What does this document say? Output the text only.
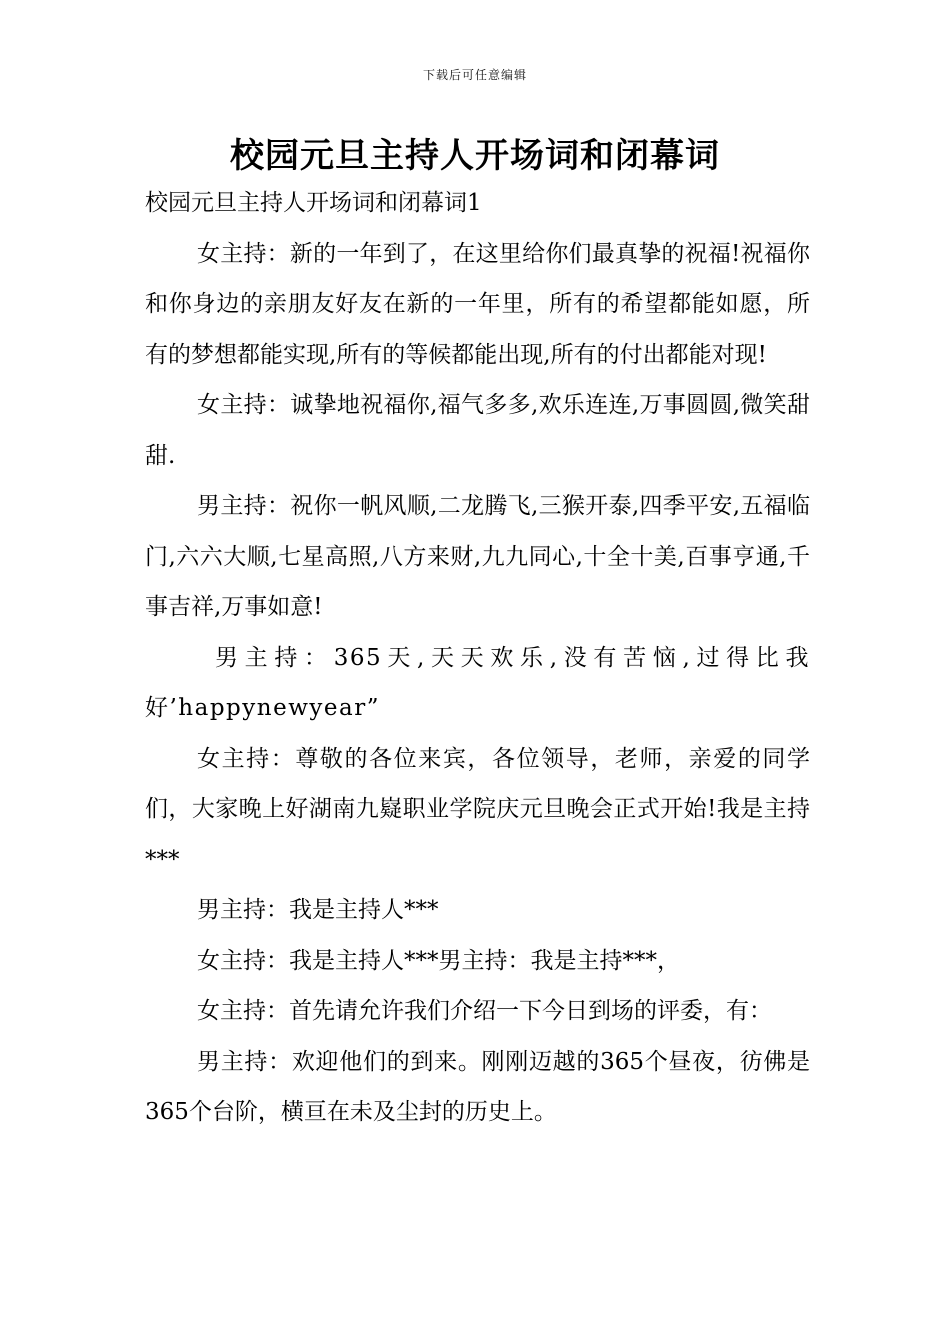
下载后可任意编辑
校园元旦主持人开场词和闭幕词

校园元旦主持人开场词和闭幕词1

女主持：新的一年到了，在这里给你们最真挚的祝福!祝福你和你身边的亲朋友好友在新的一年里，所有的希望都能如愿，所有的梦想都能实现,所有的等候都能出现,所有的付出都能对现!

女主持：诚挚地祝福你,福气多多,欢乐连连,万事圆圆,微笑甜甜.

男主持：祝你一帆风顺,二龙腾飞,三猴开泰,四季平安,五福临门,六六大顺,七星高照,八方来财,九九同心,十全十美,百事亨通,千事吉祥,万事如意!

男主持：365天,天天欢乐,没有苦恼,过得比我好’happynewyear”

女主持：尊敬的各位来宾，各位领导，老师，亲爱的同学们，大家晚上好湖南九嶷职业学院庆元旦晚会正式开始!我是主持***

男主持：我是主持人***

女主持：我是主持人***男主持：我是主持***，

女主持：首先请允许我们介绍一下今日到场的评委，有：

男主持：欢迎他们的到来。刚刚迈越的365个昼夜，彷佛是365个台阶，横亘在未及尘封的历史上。
